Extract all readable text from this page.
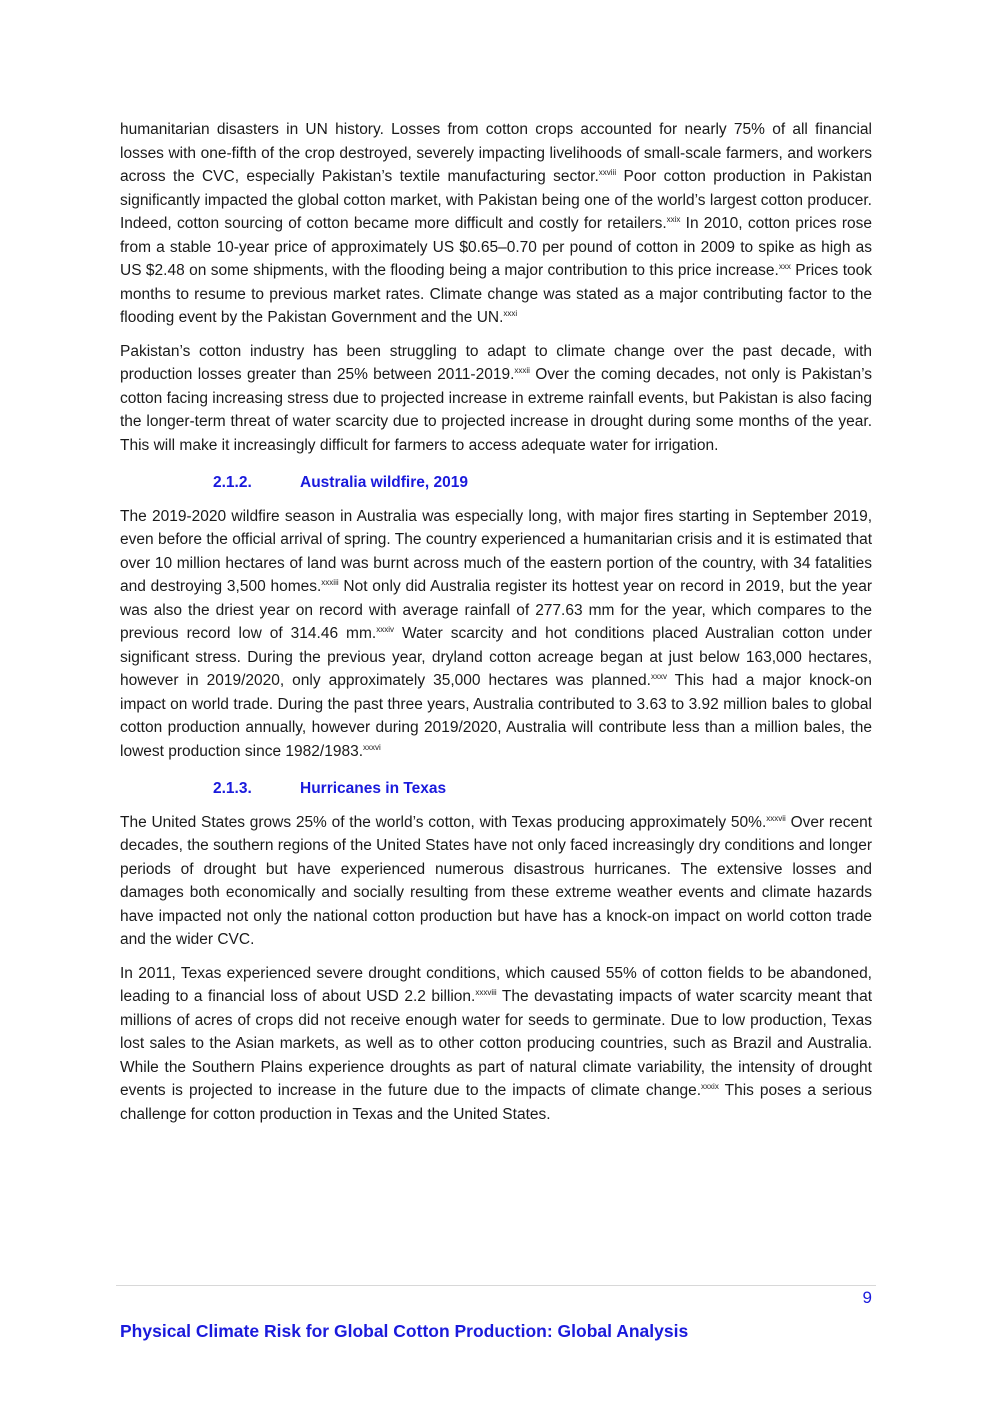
humanitarian disasters in UN history. Losses from cotton crops accounted for nearly 75% of all financial losses with one-fifth of the crop destroyed, severely impacting livelihoods of small-scale farmers, and workers across the CVC, especially Pakistan’s textile manufacturing sector.$^{xxviii}$ Poor cotton production in Pakistan significantly impacted the global cotton market, with Pakistan being one of the world’s largest cotton producer. Indeed, cotton sourcing of cotton became more difficult and costly for retailers.$^{xxix}$ In 2010, cotton prices rose from a stable 10-year price of approximately US $0.65–0.70 per pound of cotton in 2009 to spike as high as US $2.48 on some shipments, with the flooding being a major contribution to this price increase.$^{xxx}$ Prices took months to resume to previous market rates. Climate change was stated as a major contributing factor to the flooding event by the Pakistan Government and the UN.$^{xxxi}$

Pakistan’s cotton industry has been struggling to adapt to climate change over the past decade, with production losses greater than 25% between 2011-2019.$^{xxxii}$ Over the coming decades, not only is Pakistan’s cotton facing increasing stress due to projected increase in extreme rainfall events, but Pakistan is also facing the longer-term threat of water scarcity due to projected increase in drought during some months of the year. This will make it increasingly difficult for farmers to access adequate water for irrigation.

2.1.2.	Australia wildfire, 2019

The 2019-2020 wildfire season in Australia was especially long, with major fires starting in September 2019, even before the official arrival of spring. The country experienced a humanitarian crisis and it is estimated that over 10 million hectares of land was burnt across much of the eastern portion of the country, with 34 fatalities and destroying 3,500 homes.$^{xxxiii}$ Not only did Australia register its hottest year on record in 2019, but the year was also the driest year on record with average rainfall of 277.63 mm for the year, which compares to the previous record low of 314.46 mm.$^{xxxiv}$ Water scarcity and hot conditions placed Australian cotton under significant stress. During the previous year, dryland cotton acreage began at just below 163,000 hectares, however in 2019/2020, only approximately 35,000 hectares was planned.$^{xxxv}$ This had a major knock-on impact on world trade. During the past three years, Australia contributed to 3.63 to 3.92 million bales to global cotton production annually, however during 2019/2020, Australia will contribute less than a million bales, the lowest production since 1982/1983.$^{xxxvi}$

2.1.3.	Hurricanes in Texas

The United States grows 25% of the world’s cotton, with Texas producing approximately 50%.$^{xxxvii}$ Over recent decades, the southern regions of the United States have not only faced increasingly dry conditions and longer periods of drought but have experienced numerous disastrous hurricanes. The extensive losses and damages both economically and socially resulting from these extreme weather events and climate hazards have impacted not only the national cotton production but have has a knock-on impact on world cotton trade and the wider CVC.

In 2011, Texas experienced severe drought conditions, which caused 55% of cotton fields to be abandoned, leading to a financial loss of about USD 2.2 billion.$^{xxxviii}$ The devastating impacts of water scarcity meant that millions of acres of crops did not receive enough water for seeds to germinate. Due to low production, Texas lost sales to the Asian markets, as well as to other cotton producing countries, such as Brazil and Australia. While the Southern Plains experience droughts as part of natural climate variability, the intensity of drought events is projected to increase in the future due to the impacts of climate change.$^{xxxix}$ This poses a serious challenge for cotton production in Texas and the United States.

9
Physical Climate Risk for Global Cotton Production: Global Analysis
